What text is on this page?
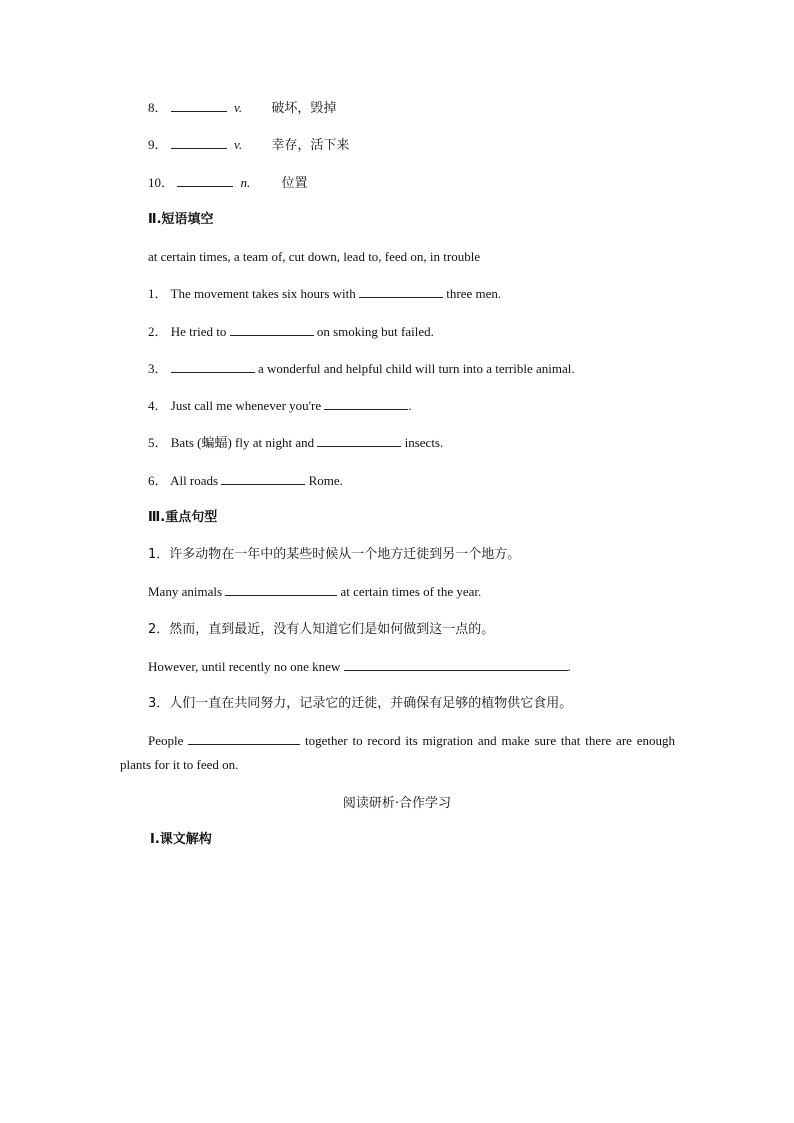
8．	v. 破坏，毁掉
9．	v. 幸存，活下来
10．	n. 位置
Ⅱ.短语填空
at certain times, a team of, cut down, lead to, feed on, in trouble
1． The movement takes six hours with	three men.
2． He tried to	on smoking but failed.
3．	a wonderful and helpful child will turn into a terrible animal.
4． Just call me whenever you're	.
5． Bats (蝙蝠) fly at night and	insects.
6． All roads	Rome.
Ⅲ.重点句型
1．许多动物在一年中的某些时候从一个地方迁徙到另一个地方。
Many animals	at certain times of the year.
2．然而，直到最近，没有人知道它们是如何做到这一点的。
However, until recently no one knew	.
3．人们一直在共同努力，记录它的迁徙，并确保有足够的植物供它食用。
People	together to record its migration and make sure that there are enough plants for it to feed on.
阅读研析·合作学习
Ⅰ.课文解构
